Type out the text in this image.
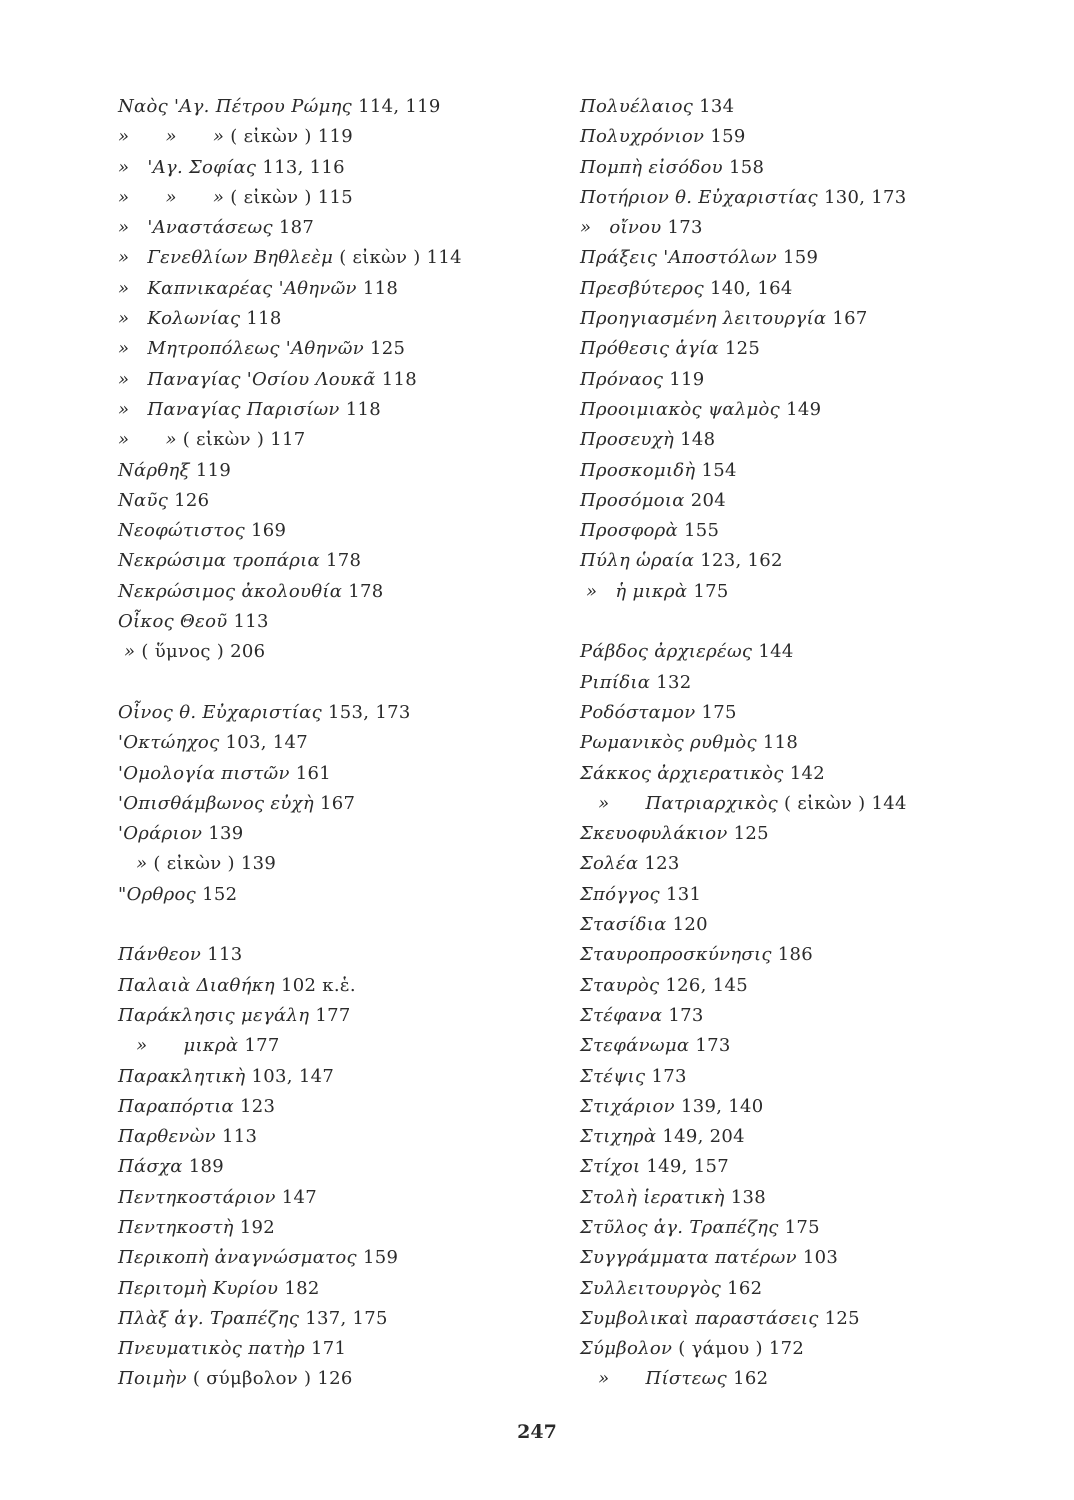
Ναὸς 'Αγ. Πέτρου Ρώμης 114, 119
»      »      » ( εἰκὼν ) 119
»   'Αγ. Σοφίας 113, 116
»      »      » ( εἰκὼν ) 115
»   'Αναστάσεως 187
»   Γενεθλίων Βηθλεὲμ ( εἰκὼν ) 114
»   Καπνικαρέας 'Αθηνῶν 118
»   Κολωνίας 118
»   Μητροπόλεως 'Αθηνῶν 125
»   Παναγίας 'Οσίου Λουκᾶ 118
»   Παναγίας Παρισίων 118
»      » ( εἰκὼν ) 117
Νάρθηξ 119
Ναῦς 126
Νεοφώτιστος 169
Νεκρώσιμα τροπάρια 178
Νεκρώσιμος ἀκολουθία 178
Οἶκος Θεοῦ 113
» ( ὕμνος ) 206
Οἶνος θ. Εὐχαριστίας 153, 173
'Οκτώηχος 103, 147
'Ομολογία πιστῶν 161
'Οπισθάμβωνος εὐχὴ 167
'Οράριον 139
» ( εἰκὼν ) 139
"Ορθρος 152
Πάνθεον 113
Παλαιὰ Διαθήκη 102 κ.ἑ.
Παράκλησις μεγάλη 177
»      μικρὰ 177
Παρακλητικὴ 103, 147
Παραπόρτια 123
Παρθενὼν 113
Πάσχα 189
Πεντηκοστάριον 147
Πεντηκοστὴ 192
Περικοπὴ ἀναγνώσματος 159
Περιτομὴ Κυρίου 182
Πλὰξ ἁγ. Τραπέζης 137, 175
Πνευματικὸς πατὴρ 171
Ποιμὴν ( σύμβολον ) 126
Πολυέλαιος 134
Πολυχρόνιον 159
Πομπὴ εἰσόδου 158
Ποτήριον θ. Εὐχαριστίας 130, 173
»   οἴνου 173
Πράξεις 'Αποστόλων 159
Πρεσβύτερος 140, 164
Προηγιασμένη λειτουργία 167
Πρόθεσις ἁγία 125
Πρόναος 119
Προοιμιακὸς ψαλμὸς 149
Προσευχὴ 148
Προσκομιδὴ 154
Προσόμοια 204
Προσφορὰ 155
Πύλη ὡραία 123, 162
»   ἡ μικρὰ 175
Ράβδος ἀρχιερέως 144
Ριπίδια 132
Ροδόσταμον 175
Ρωμανικὸς ρυθμὸς 118
Σάκκος ἀρχιερατικὸς 142
»      Πατριαρχικὸς ( εἰκὼν ) 144
Σκευοφυλάκιον 125
Σολέα 123
Σπόγγος 131
Στασίδια 120
Σταυροπροσκύνησις 186
Σταυρὸς 126, 145
Στέφανα 173
Στεφάνωμα 173
Στέψις 173
Στιχάριον 139, 140
Στιχηρὰ 149, 204
Στίχοι 149, 157
Στολὴ ἱερατικὴ 138
Στῦλος ἁγ. Τραπέζης 175
Συγγράμματα πατέρων 103
Συλλειτουργὸς 162
Συμβολικαὶ παραστάσεις 125
Σύμβολον ( γάμου ) 172
»      Πίστεως 162
247
